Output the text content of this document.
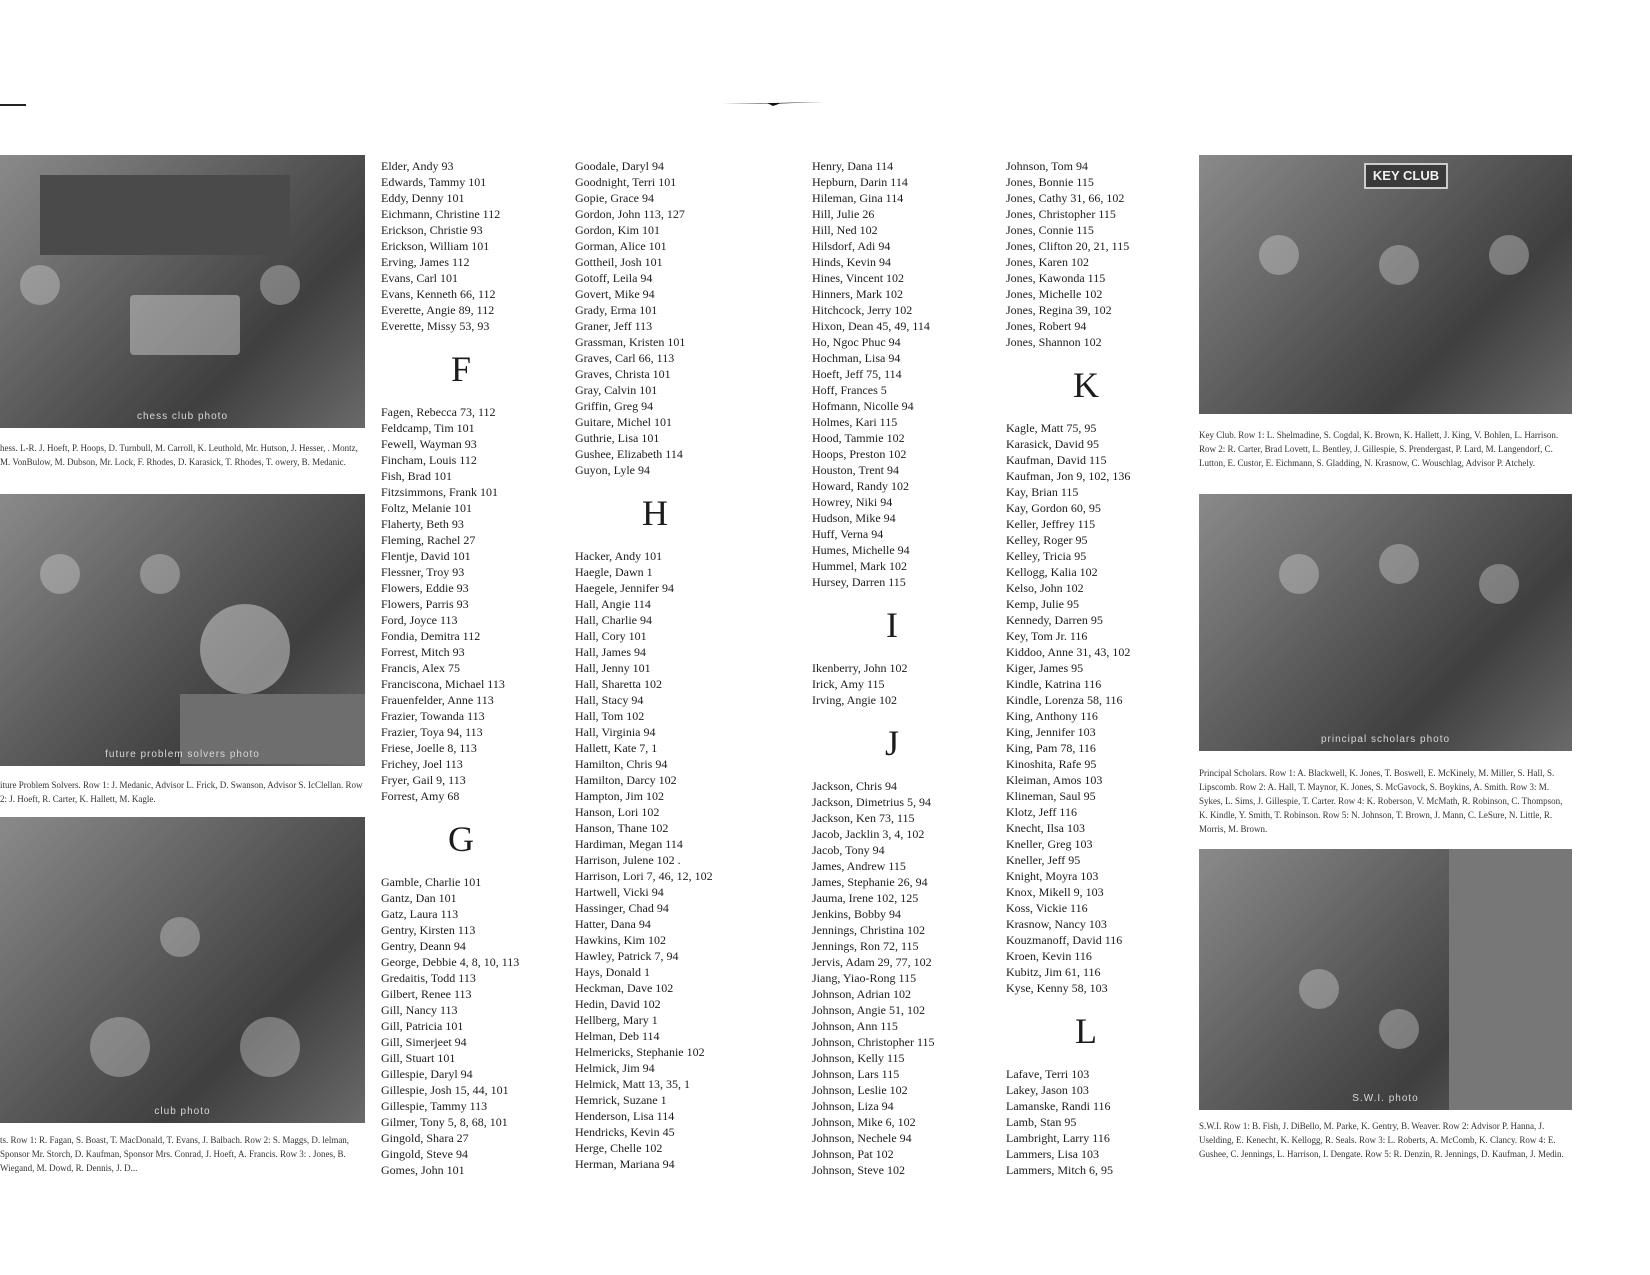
chess club photo
hess. L-R. J. Hoeft, P. Hoops, D. Turnbull, M. Carroll, K. Leuthold, Mr. Hutson, J. Hesser, . Montz, M. VonBulow, M. Dubson, Mr. Lock, F. Rhodes, D. Karasick, T. Rhodes, T. owery, B. Medanic.
future problem solvers photo
iture Problem Solvers. Row 1: J. Medanic, Advisor L. Frick, D. Swanson, Advisor S. IcClellan. Row 2: J. Hoeft, R. Carter, K. Hallett, M. Kagle.
club photo
ts. Row 1: R. Fagan, S. Boast, T. MacDonald, T. Evans, J. Balbach. Row 2: S. Maggs, D. lelman, Sponsor Mr. Storch, D. Kaufman, Sponsor Mrs. Conrad, J. Hoeft, A. Francis. Row 3: . Jones, B. Wiegand, M. Dowd, R. Dennis, J. D...
KEY CLUB
Key Club. Row 1: L. Shelmadine, S. Cogdal, K. Brown, K. Hallett, J. King, V. Bohlen, L. Harrison. Row 2: R. Carter, Brad Lovett, L. Bentley, J. Gillespie, S. Prendergast, P. Lard, M. Langendorf, C. Lutton, E. Custor, E. Eichmann, S. Gladding, N. Krasnow, C. Wouschlag, Advisor P. Atchely.
principal scholars photo
Principal Scholars. Row 1: A. Blackwell, K. Jones, T. Boswell, E. McKinely, M. Miller, S. Hall, S. Lipscomb. Row 2: A. Hall, T. Maynor, K. Jones, S. McGavock, S. Boykins, A. Smith. Row 3: M. Sykes, L. Sims, J. Gillespie, T. Carter. Row 4: K. Roberson, V. McMath, R. Robinson, C. Thompson, K. Kindle, Y. Smith, T. Robinson. Row 5: N. Johnson, T. Brown, J. Mann, C. LeSure, N. Little, R. Morris, M. Brown.
S.W.I. photo
S.W.I. Row 1: B. Fish, J. DiBello, M. Parke, K. Gentry, B. Weaver. Row 2: Advisor P. Hanna, J. Uselding, E. Kenecht, K. Kellogg, R. Seals. Row 3: L. Roberts, A. McComb, K. Clancy. Row 4: E. Gushee, C. Jennings, L. Harrison, I. Dengate. Row 5: R. Denzin, R. Jennings, D. Kaufman, J. Medin.
Elder, Andy 93
Edwards, Tammy 101
Eddy, Denny 101
Eichmann, Christine 112
Erickson, Christie 93
Erickson, William 101
Erving, James 112
Evans, Carl 101
Evans, Kenneth 66, 112
Everette, Angie 89, 112
Everette, Missy 53, 93
F
Fagen, Rebecca 73, 112
Feldcamp, Tim 101
Fewell, Wayman 93
Fincham, Louis 112
Fish, Brad 101
Fitzsimmons, Frank 101
Foltz, Melanie 101
Flaherty, Beth 93
Fleming, Rachel 27
Flentje, David 101
Flessner, Troy 93
Flowers, Eddie 93
Flowers, Parris 93
Ford, Joyce 113
Fondia, Demitra 112
Forrest, Mitch 93
Francis, Alex 75
Francisconа, Michael 113
Frauenfelder, Anne 113
Frazier, Towanda 113
Frazier, Toya 94, 113
Friese, Joelle 8, 113
Frichey, Joel 113
Fryer, Gail 9, 113
Forrest, Amy 68
G
Gamble, Charlie 101
Gantz, Dan 101
Gatz, Laura 113
Gentry, Kirsten 113
Gentry, Deann 94
George, Debbie 4, 8, 10, 113
Gredaitis, Todd 113
Gilbert, Renee 113
Gill, Nancy 113
Gill, Patricia 101
Gill, Simerjeet 94
Gill, Stuart 101
Gillespie, Daryl 94
Gillespie, Josh 15, 44, 101
Gillespie, Tammy 113
Gilmer, Tony 5, 8, 68, 101
Gingold, Shara 27
Gingold, Steve 94
Gomes, John 101
Goodale, Daryl 94
Goodnight, Terri 101
Gopie, Grace 94
Gordon, John 113, 127
Gordon, Kim 101
Gorman, Alice 101
Gottheil, Josh 101
Gotoff, Leila 94
Govert, Mike 94
Grady, Erma 101
Graner, Jeff 113
Grassman, Kristen 101
Graves, Carl 66, 113
Graves, Christa 101
Gray, Calvin 101
Griffin, Greg 94
Guitare, Michel 101
Guthrie, Lisa 101
Gushee, Elizabeth 114
Guyon, Lyle 94
H
Hacker, Andy 101
Haegle, Dawn 1
Haegele, Jennifer 94
Hall, Angie 114
Hall, Charlie 94
Hall, Cory 101
Hall, James 94
Hall, Jenny 101
Hall, Sharetta 102
Hall, Stacy 94
Hall, Tom 102
Hall, Virginia 94
Hallett, Kate 7, 1
Hamilton, Chris 94
Hamilton, Darcy 102
Hampton, Jim 102
Hanson, Lori 102
Hanson, Thane 102
Hardiman, Megan 114
Harrison, Julene 102 .
Harrison, Lori 7, 46, 12, 102
Hartwell, Vicki 94
Hassinger, Chad 94
Hatter, Dana 94
Hawkins, Kim 102
Hawley, Patrick 7, 94
Hays, Donald 1
Heckman, Dave 102
Hedin, David 102
Hellberg, Mary 1
Helman, Deb 114
Helmericks, Stephanie 102
Helmick, Jim 94
Helmick, Matt 13, 35, 1
Hemrick, Suzane 1
Henderson, Lisa 114
Hendricks, Kevin 45
Herge, Chelle 102
Herman, Mariana 94
Henry, Dana 114
Hepburn, Darin 114
Hileman, Gina 114
Hill, Julie 26
Hill, Ned 102
Hilsdorf, Adi 94
Hinds, Kevin 94
Hines, Vincent 102
Hinners, Mark 102
Hitchcock, Jerry 102
Hixon, Dean 45, 49, 114
Ho, Ngoc Phuc 94
Hochman, Lisa 94
Hoeft, Jeff 75, 114
Hoff, Frances 5
Hofmann, Nicolle 94
Holmes, Kari 115
Hood, Tammie 102
Hoops, Preston 102
Houston, Trent 94
Howard, Randy 102
Howrey, Niki 94
Hudson, Mike 94
Huff, Verna 94
Humes, Michelle 94
Hummel, Mark 102
Hursey, Darren 115
I
Ikenberry, John 102
Irick, Amy 115
Irving, Angie 102
J
Jackson, Chris 94
Jackson, Dimetrius 5, 94
Jackson, Ken 73, 115
Jacob, Jacklin 3, 4, 102
Jacob, Tony 94
James, Andrew 115
James, Stephanie 26, 94
Jauma, Irene 102, 125
Jenkins, Bobby 94
Jennings, Christina 102
Jennings, Ron 72, 115
Jervis, Adam 29, 77, 102
Jiang, Yiao-Rong 115
Johnson, Adrian 102
Johnson, Angie 51, 102
Johnson, Ann 115
Johnson, Christopher 115
Johnson, Kelly 115
Johnson, Lars 115
Johnson, Leslie 102
Johnson, Liza 94
Johnson, Mike 6, 102
Johnson, Nechele 94
Johnson, Pat 102
Johnson, Steve 102
Johnson, Tom 94
Jones, Bonnie 115
Jones, Cathy 31, 66, 102
Jones, Christopher 115
Jones, Connie 115
Jones, Clifton 20, 21, 115
Jones, Karen 102
Jones, Kawonda 115
Jones, Michelle 102
Jones, Regina 39, 102
Jones, Robert 94
Jones, Shannon 102
K
Kagle, Matt 75, 95
Karasick, David 95
Kaufman, David 115
Kaufman, Jon 9, 102, 136
Kay, Brian 115
Kay, Gordon 60, 95
Keller, Jeffrey 115
Kelley, Roger 95
Kelley, Tricia 95
Kellogg, Kalia 102
Kelso, John 102
Kemp, Julie 95
Kennedy, Darren 95
Key, Tom Jr. 116
Kiddoo, Anne 31, 43, 102
Kiger, James 95
Kindle, Katrina 116
Kindle, Lorenza 58, 116
King, Anthony 116
King, Jennifer 103
King, Pam 78, 116
Kinoshita, Rafe 95
Kleiman, Amos 103
Klineman, Saul 95
Klotz, Jeff 116
Knecht, Ilsa 103
Kneller, Greg 103
Kneller, Jeff 95
Knight, Moyra 103
Knox, Mikell 9, 103
Koss, Vickie 116
Krasnow, Nancy 103
Kouzmanoff, David 116
Kroen, Kevin 116
Kubitz, Jim 61, 116
Kyse, Kenny 58, 103
L
Lafave, Terri 103
Lakey, Jason 103
Lamanske, Randi 116
Lamb, Stan 95
Lambright, Larry 116
Lammers, Lisa 103
Lammers, Mitch 6, 95
